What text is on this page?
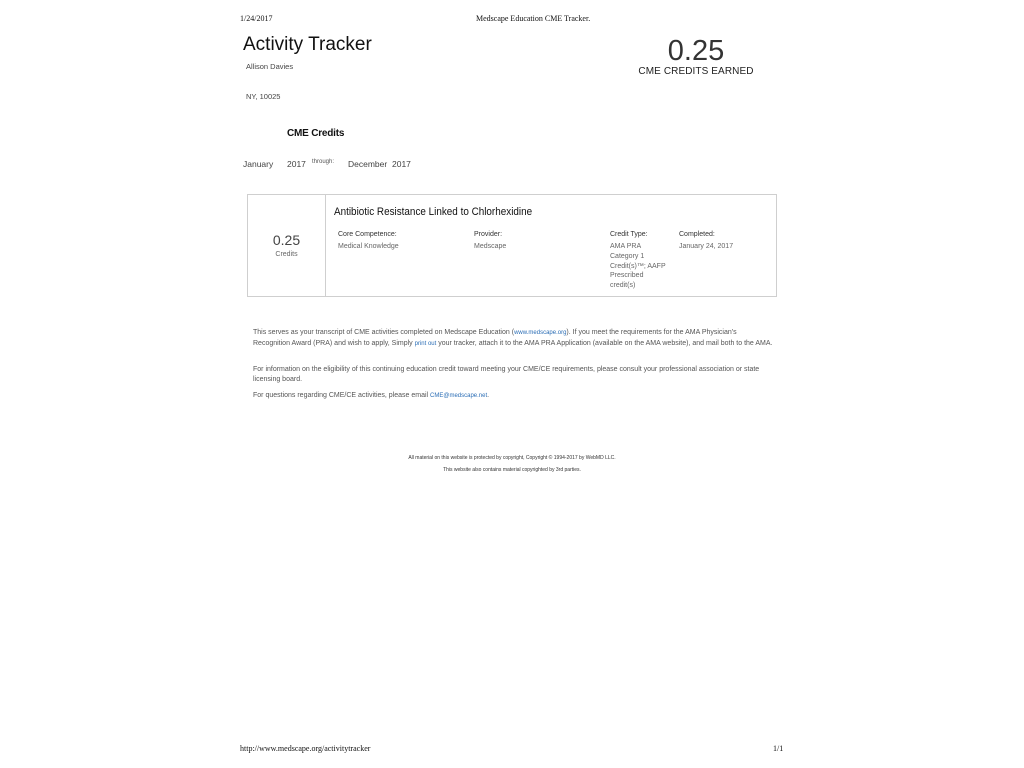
1/24/2017	Medscape Education CME Tracker.
Activity Tracker
Allison Davies
NY, 10025
0.25
CME CREDITS EARNED
CME Credits
January 2017 through: December 2017
0.25
Credits
Antibiotic Resistance Linked to Chlorhexidine
Core Competence:
Medical Knowledge
Provider:
Medscape
Credit Type:
AMA PRA
Category 1
Credit(s)™; AAFP
Prescribed
credit(s)
Completed:
January 24, 2017
This serves as your transcript of CME activities completed on Medscape Education (www.medscape.org). If you meet the requirements for the AMA Physician's Recognition Award (PRA) and wish to apply, Simply print out your tracker, attach it to the AMA PRA Application (available on the AMA website), and mail both to the AMA.
For information on the eligibility of this continuing education credit toward meeting your CME/CE requirements, please consult your professional association or state licensing board.
For questions regarding CME/CE activities, please email CME@medscape.net.
All material on this website is protected by copyright, Copyright © 1994-2017 by WebMD LLC.
This website also contains material copyrighted by 3rd parties.
http://www.medscape.org/activitytracker	1/1
